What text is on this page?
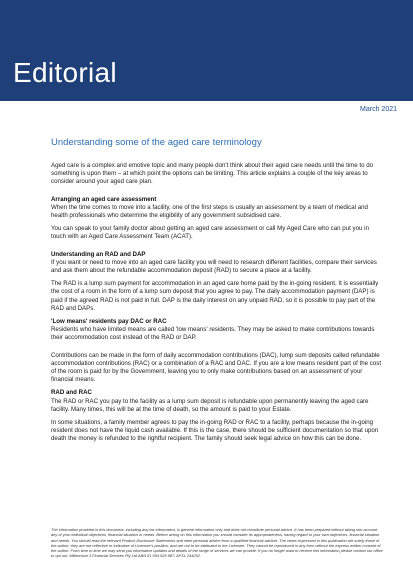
Editorial
March 2021
Understanding some of the aged care terminology

Aged care is a complex and emotive topic and many people don't think about their aged care needs until the time to do something is upon them – at which point the options can be limiting. This article explains a couple of the key areas to consider around your aged care plan.

Arranging an aged care assessment

When the time comes to move into a facility, one of the first steps is usually an assessment by a team of medical and health professionals who determine the eligibility of any government subsidised care.

You can speak to your family doctor about getting an aged care assessment or call My Aged Care who can put you in touch with an Aged Care Assessment Team (ACAT).

Understanding an RAD and DAP

If you want or need to move into an aged care facility you will need to research different facilities, compare their services and ask them about the refundable accommodation deposit (RAD) to secure a place at a facility.

The RAD is a lump sum payment for accommodation in an aged care home paid by the in-going resident. It is essentially the cost of a room in the form of a lump sum deposit that you agree to pay. The daily accommodation payment (DAP) is paid if the agreed RAD is not paid in full. DAP is the daily interest on any unpaid RAD, so it is possible to pay part of the RAD and DAPs.

'Low means' residents pay DAC or RAC

Residents who have limited means are called 'low means' residents. They may be asked to make contributions towards their accommodation cost instead of the RAD or DAP.

Contributions can be made in the form of daily accommodation contributions (DAC), lump sum deposits called refundable accommodation contributions (RAC) or a combination of a RAC and DAC. If you are a low means resident part of the cost of the room is paid for by the Government, leaving you to only make contributions based on an assessment of your financial means.

RAD and RAC

The RAD or RAC you pay to the facility as a lump sum deposit is refundable upon permanently leaving the aged care facility. Many times, this will be at the time of death, so the amount is paid to your Estate.

In some situations, a family member agrees to pay the in-going RAD or RAC to a facility, perhaps because the in-going resident does not have the liquid cash available. If this is the case, there should be sufficient documentation so that upon death the money is refunded to the rightful recipient. The family should seek legal advice on how this can be done.

The information provided in this document, including any tax information, is general information only and does not constitute personal advice. It has been prepared without taking into account any of your individual objectives, financial situation or needs. Before acting on this information you should consider its appropriateness, having regard to your own objectives, financial situation and needs. You should read the relevant Product Disclosure Statements and seek personal advice from a qualified financial adviser. The views expressed in this publication are solely those of the author; they are not reflective or indicative of Licensee's position, and are not to be attributed to the Licensee. They cannot be reproduced in any form without the express written consent of the author. From time to time we may send you informative updates and details of the range of services we can provide. If you no longer want to receive this information please contact our office to opt out. Millennium 3 Financial Services Pty Ltd ABN 61 094 529 987, AFSL 244252.
